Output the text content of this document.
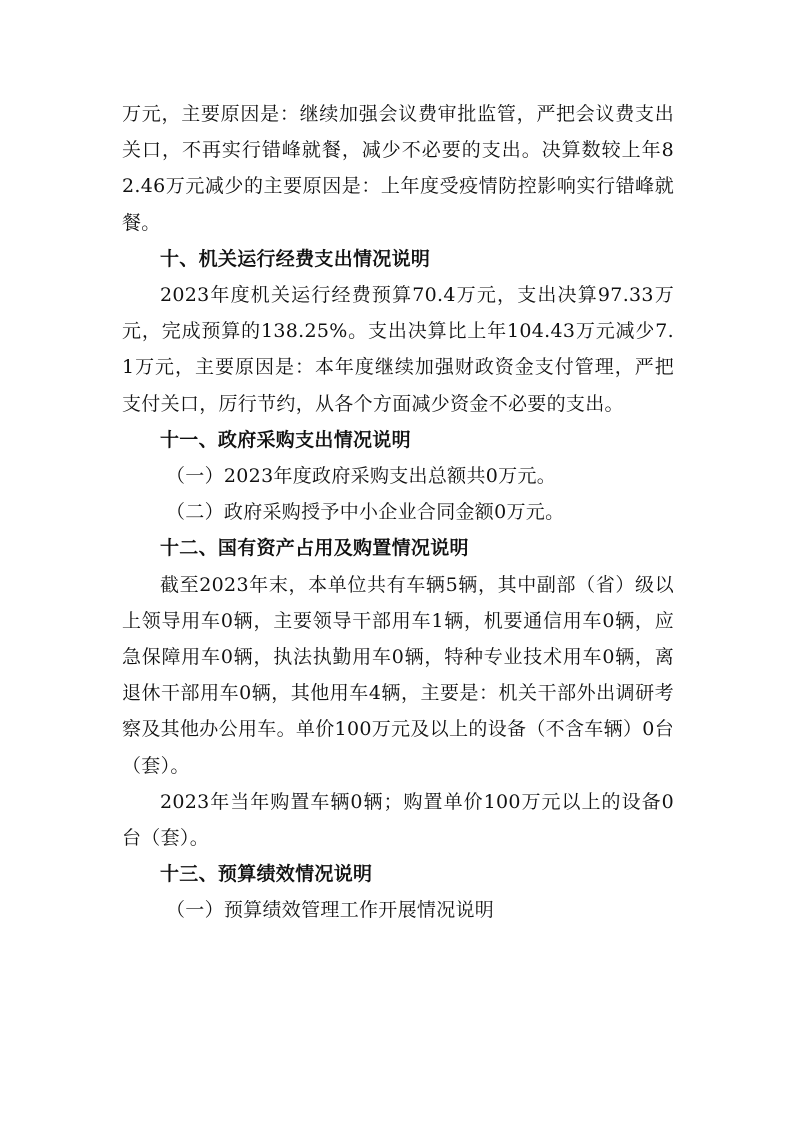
万元，主要原因是：继续加强会议费审批监管，严把会议费支出关口，不再实行错峰就餐，减少不必要的支出。决算数较上年82.46万元减少的主要原因是：上年度受疫情防控影响实行错峰就餐。

十、机关运行经费支出情况说明

2023年度机关运行经费预算70.4万元，支出决算97.33万元，完成预算的138.25%。支出决算比上年104.43万元减少7.1万元，主要原因是：本年度继续加强财政资金支付管理，严把支付关口，厉行节约，从各个方面减少资金不必要的支出。

十一、政府采购支出情况说明

（一）2023年度政府采购支出总额共0万元。

（二）政府采购授予中小企业合同金额0万元。

十二、国有资产占用及购置情况说明

截至2023年末，本单位共有车辆5辆，其中副部（省）级以上领导用车0辆，主要领导干部用车1辆，机要通信用车0辆，应急保障用车0辆，执法执勤用车0辆，特种专业技术用车0辆，离退休干部用车0辆，其他用车4辆，主要是：机关干部外出调研考察及其他办公用车。单价100万元及以上的设备（不含车辆）0台（套）。

2023年当年购置车辆0辆；购置单价100万元以上的设备0台（套）。

十三、预算绩效情况说明

（一）预算绩效管理工作开展情况说明
